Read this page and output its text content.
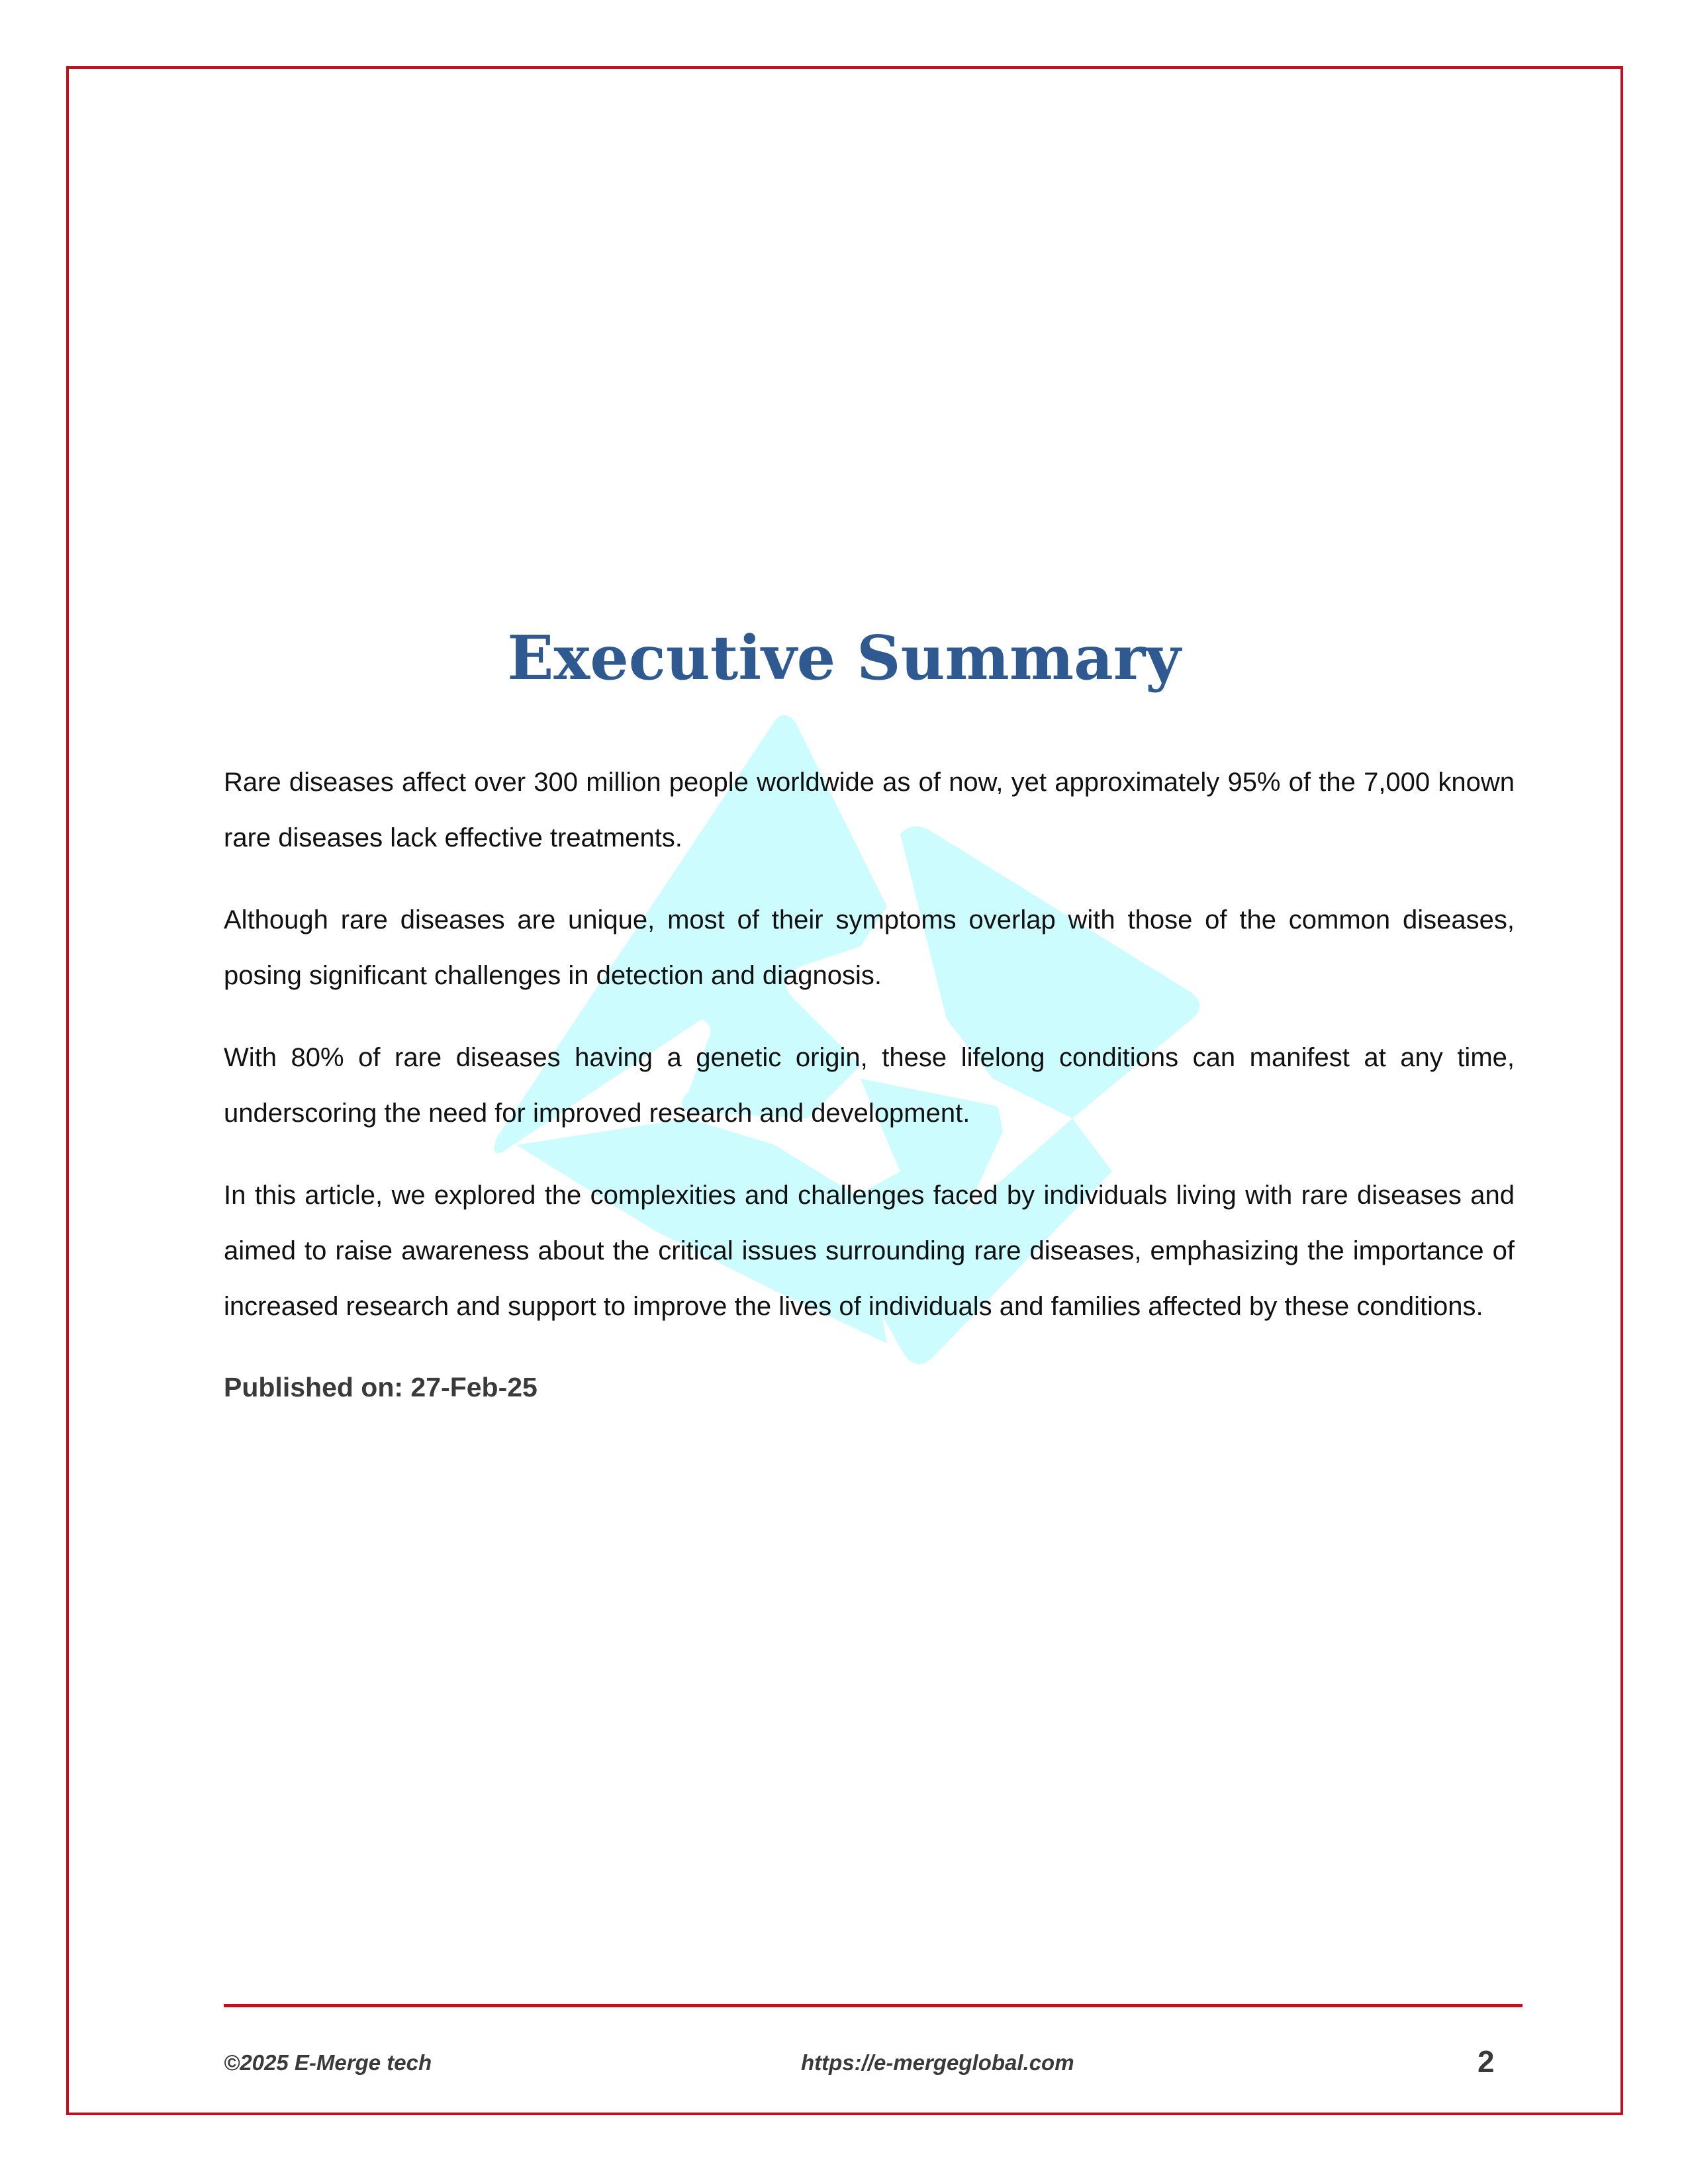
Executive Summary

Rare diseases affect over 300 million people worldwide as of now, yet approximately 95% of the 7,000 known rare diseases lack effective treatments.

Although rare diseases are unique, most of their symptoms overlap with those of the common diseases, posing significant challenges in detection and diagnosis.

With 80% of rare diseases having a genetic origin, these lifelong conditions can manifest at any time, underscoring the need for improved research and development.

In this article, we explored the complexities and challenges faced by individuals living with rare diseases and aimed to raise awareness about the critical issues surrounding rare diseases, emphasizing the importance of increased research and support to improve the lives of individuals and families affected by these conditions.

Published on: 27-Feb-25
©2025 E-Merge tech	https://e-mergeglobal.com	2
